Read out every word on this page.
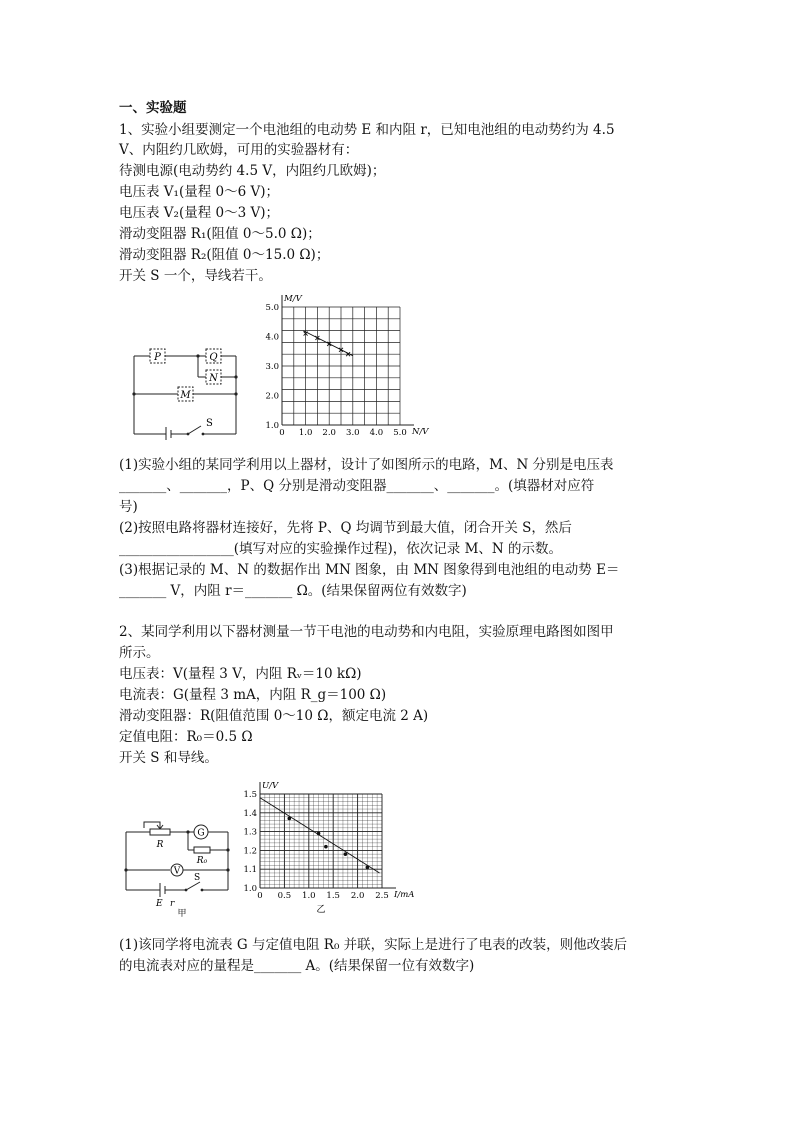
一、实验题
1、实验小组要测定一个电池组的电动势 E 和内阻 r，已知电池组的电动势约为 4.5
V、内阻约几欧姆，可用的实验器材有：
待测电源(电动势约 4.5 V，内阻约几欧姆)；
电压表 V₁(量程 0～6 V)；
电压表 V₂(量程 0～3 V)；
滑动变阻器 R₁(阻值 0～5.0 Ω)；
滑动变阻器 R₂(阻值 0～15.0 Ω)；
开关 S 一个，导线若干。
P	Q
N
M
S
0 1.0 2.0 3.0 4.0 5.0
1.0
2.0
3.0
4.0
5.0
N/V
M/V
(1)实验小组的某同学利用以上器材，设计了如图所示的电路，M、N 分别是电压表
_______、_______，P、Q 分别是滑动变阻器_______、_______。(填器材对应符
号)
(2)按照电路将器材连接好，先将 P、Q 均调节到最大值，闭合开关 S，然后
_________________(填写对应的实验操作过程)，依次记录 M、N 的示数。
(3)根据记录的 M、N 的数据作出 MN 图象，由 MN 图象得到电池组的电动势 E＝
_______ V，内阻 r＝_______ Ω。(结果保留两位有效数字)
2、某同学利用以下器材测量一节干电池的电动势和内电阻，实验原理电路图如图甲
所示。
电压表：V(量程 3 V，内阻 Rᵥ＝10 kΩ)
电流表：G(量程 3 mA，内阻 R_g＝100 Ω)
滑动变阻器：R(阻值范围 0～10 Ω，额定电流 2 A)
定值电阻：R₀＝0.5 Ω
开关 S 和导线。
R
G
R₀
V
S
E r
甲
0 0.5 1.0 1.5 2.0 2.5
1.0
1.1
1.2
1.3
1.4
1.5
I/mA
U/V
乙
(1)该同学将电流表 G 与定值电阻 R₀ 并联，实际上是进行了电表的改装，则他改装后
的电流表对应的量程是_______ A。(结果保留一位有效数字)
